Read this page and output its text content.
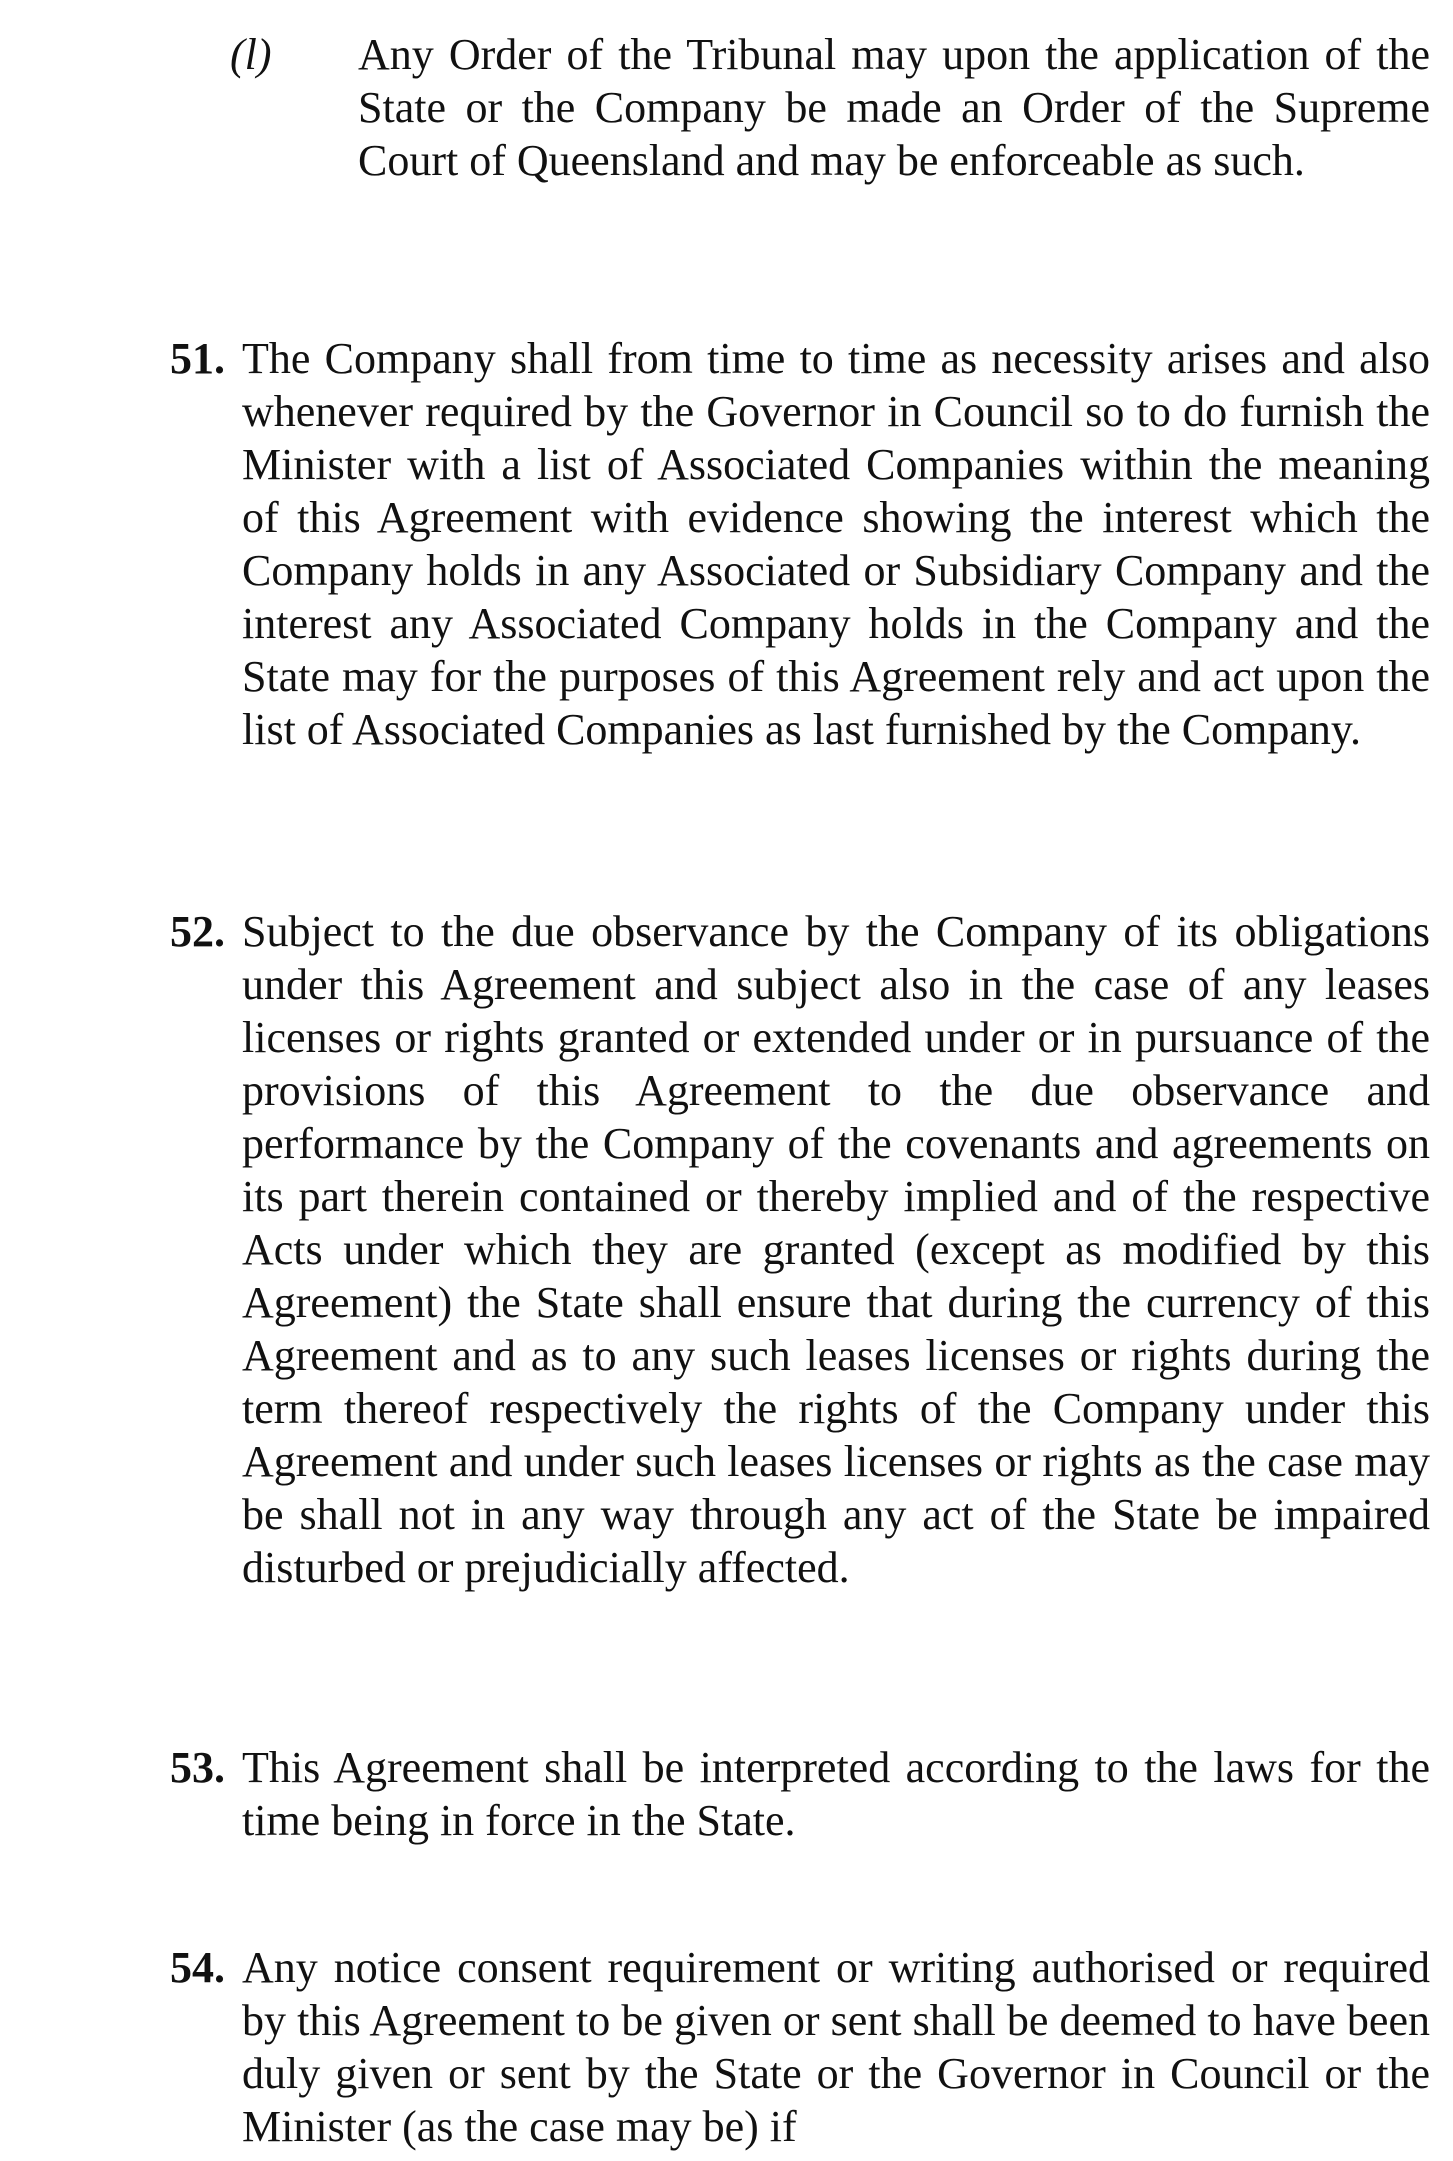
(l) Any Order of the Tribunal may upon the application of the State or the Company be made an Order of the Supreme Court of Queensland and may be enforceable as such.
51. The Company shall from time to time as necessity arises and also whenever required by the Governor in Council so to do furnish the Minister with a list of Associated Companies within the meaning of this Agreement with evidence showing the interest which the Company holds in any Associated or Subsidiary Company and the interest any Associated Company holds in the Company and the State may for the purposes of this Agreement rely and act upon the list of Associated Companies as last furnished by the Company.
52. Subject to the due observance by the Company of its obligations under this Agreement and subject also in the case of any leases licenses or rights granted or extended under or in pursuance of the provisions of this Agreement to the due observance and performance by the Company of the covenants and agreements on its part therein contained or thereby implied and of the respective Acts under which they are granted (except as modified by this Agreement) the State shall ensure that during the currency of this Agreement and as to any such leases licenses or rights during the term thereof respectively the rights of the Company under this Agreement and under such leases licenses or rights as the case may be shall not in any way through any act of the State be impaired disturbed or prejudicially affected.
53. This Agreement shall be interpreted according to the laws for the time being in force in the State.
54. Any notice consent requirement or writing authorised or required by this Agreement to be given or sent shall be deemed to have been duly given or sent by the State or the Governor in Council or the Minister (as the case may be) if
